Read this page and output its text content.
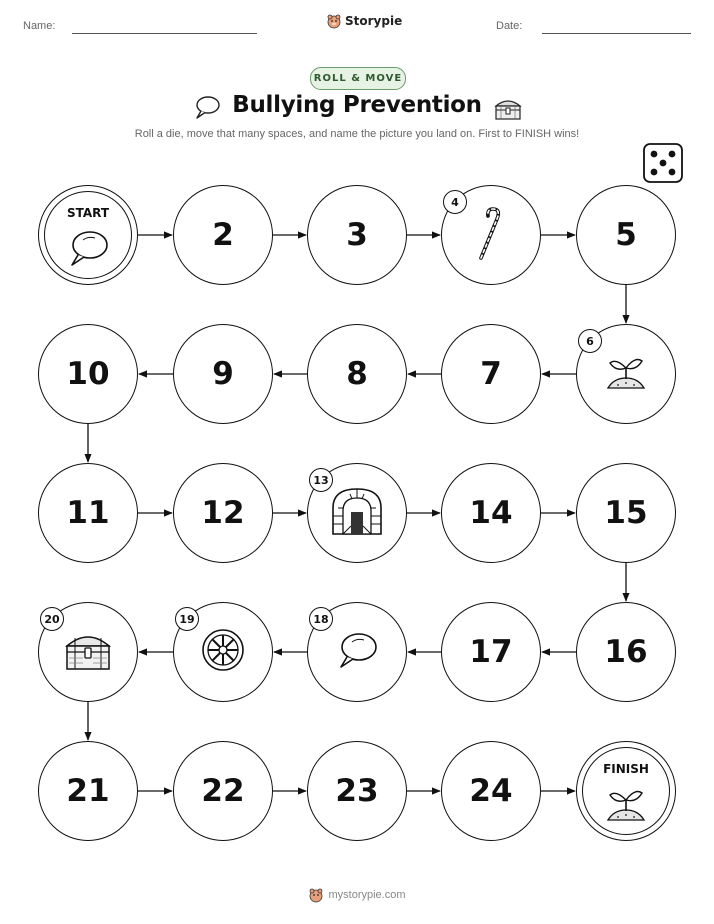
Name:	Storypie	Date:
ROLL & MOVE
Bullying Prevention
Roll a die, move that many spaces, and name the picture you land on. First to FINISH wins!
START
2	3
4
5
6
7
8
9
10
11	12
13
14	15
16
17
18
19
20
21	22	23	24
FINISH
mystorypie.com
